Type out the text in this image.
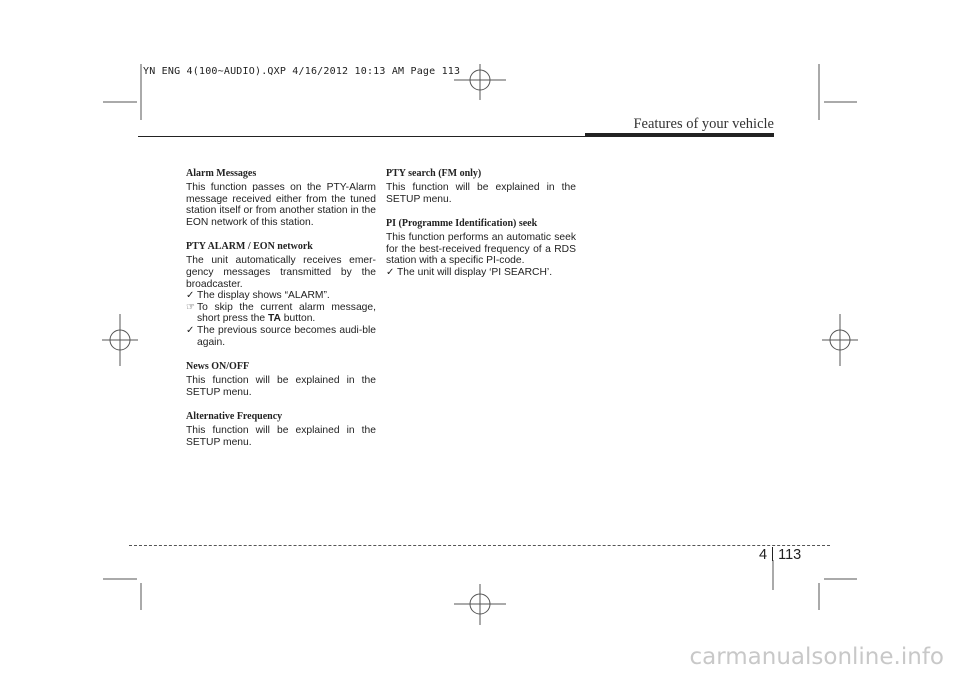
YN ENG 4(100~AUDIO).QXP 4/16/2012 10:13 AM Page 113
Features of your vehicle
Alarm Messages
This function passes on the PTY-Alarm message received either from the tuned station itself or from another station in the EON network of this station.
PTY ALARM / EON network
The unit automatically receives emer-gency messages transmitted by the broadcaster.
✓ The display shows “ALARM”.
☞ To skip the current alarm message, short press the TA button.
✓ The previous source becomes audi-ble again.
News ON/OFF
This function will be explained in the SETUP menu.
Alternative Frequency
This function will be explained in the SETUP menu.
PTY search (FM only)
This function will be explained in the SETUP menu.
PI (Programme Identification) seek
This function performs an automatic seek for the best-received frequency of a RDS station with a specific PI-code.
✓ The unit will display ‘PI SEARCH’.
4 113
carmanualsonline.info
